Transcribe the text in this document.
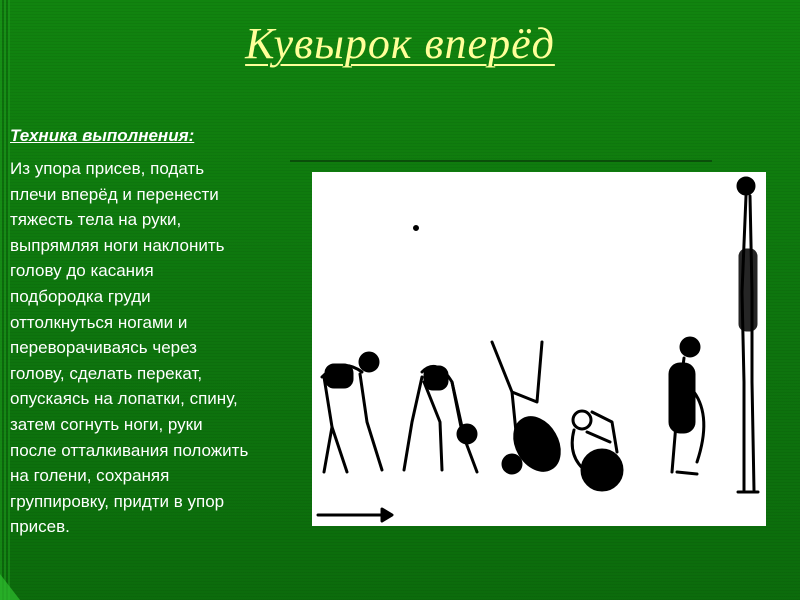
Кувырок вперёд
Техника выполнения:
Из упора присев, подать
плечи вперёд и перенести
тяжесть тела на руки,
выпрямляя ноги наклонить
голову до касания
подбородка груди
оттолкнуться ногами и
переворачиваясь через
голову, сделать перекат,
опускаясь на лопатки, спину,
затем согнуть ноги, руки
после отталкивания положить
на голени, сохраняя
группировку, придти в упор
присев.
